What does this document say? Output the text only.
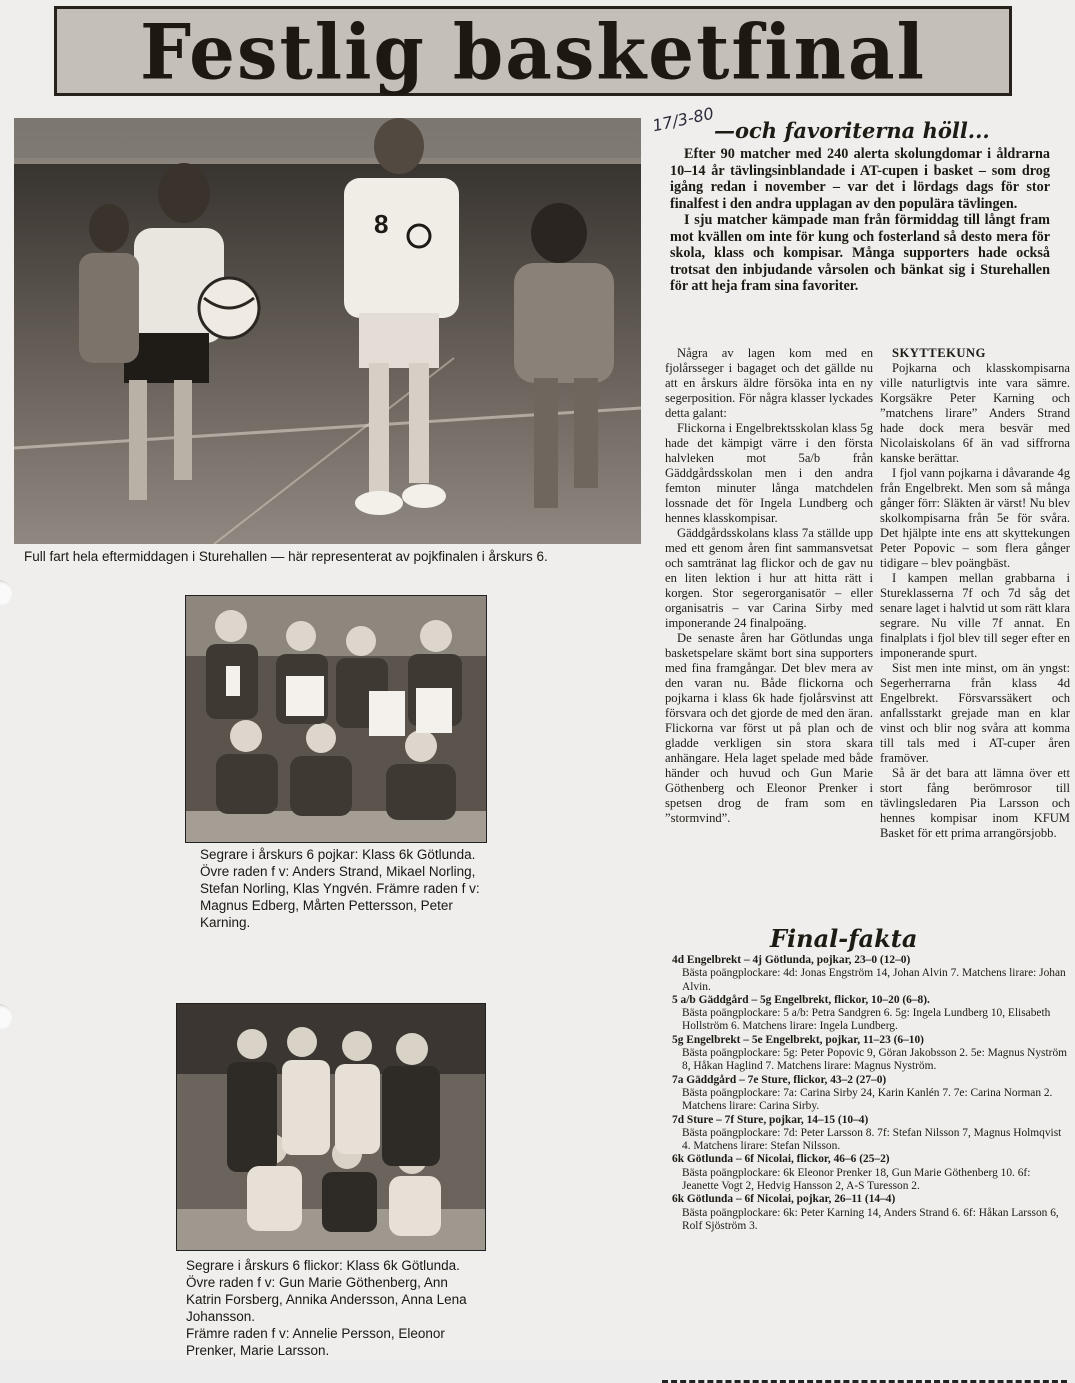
Festlig basketfinal
8
Full fart hela eftermiddagen i Sturehallen — här representerat av pojkfinalen i årskurs 6.

Segrare i årskurs 6 pojkar: Klass 6k Götlunda.

Övre raden f v: Anders Strand, Mikael Norling, Stefan Norling, Klas Yngvén. Främre raden f v: Magnus Edberg, Mårten Pettersson, Peter Karning.

Segrare i årskurs 6 flickor: Klass 6k Götlunda.

Övre raden f v: Gun Marie Göthenberg, Ann Katrin Forsberg, Annika Andersson, Anna Lena Johansson.

Främre raden f v: Annelie Persson, Eleonor Prenker, Marie Larsson.

17/3-80
—och favoriterna höll...

Efter 90 matcher med 240 alerta skolungdomar i åldrarna 10–14 år tävlingsinblandade i AT-cupen i basket – som drog igång redan i november – var det i lördags dags för stor finalfest i den andra upplagan av den populära tävlingen.

I sju matcher kämpade man från förmiddag till långt fram mot kvällen om inte för kung och fosterland så desto mera för skola, klass och kompisar. Många supporters hade också trotsat den inbjudande vårsolen och bänkat sig i Sturehallen för att heja fram sina favoriter.

Några av lagen kom med en fjolårsseger i bagaget och det gällde nu att en årskurs äldre försöka inta en ny segerposition. För några klasser lyckades detta galant:

Flickorna i Engelbrektsskolan klass 5g hade det kämpigt värre i den första halvleken mot 5a/b från Gäddgårdsskolan men i den andra femton minuter långa matchdelen lossnade det för Ingela Lundberg och hennes klasskompisar.

Gäddgårdsskolans klass 7a ställde upp med ett genom åren fint sammansvetsat och samtränat lag flickor och de gav nu en liten lektion i hur att hitta rätt i korgen. Stor segerorganisatör – eller organisatris – var Carina Sirby med imponerande 24 finalpoäng.

De senaste åren har Götlundas unga basketspelare skämt bort sina supporters med fina framgångar. Det blev mera av den varan nu. Både flickorna och pojkarna i klass 6k hade fjolårsvinst att försvara och det gjorde de med den äran. Flickorna var först ut på plan och de gladde verkligen sin stora skara anhängare. Hela laget spelade med både händer och huvud och Gun Marie Göthenberg och Eleonor Prenker i spetsen drog de fram som en ”stormvind”.

SKYTTEKUNG

Pojkarna och klasskompisarna ville naturligtvis inte vara sämre. Korgsäkre Peter Karning och ”matchens lirare” Anders Strand hade dock mera besvär med Nicolaiskolans 6f än vad siffrorna kanske berättar.

I fjol vann pojkarna i dåvarande 4g från Engelbrekt. Men som så många gånger förr: Släkten är värst! Nu blev skolkompisarna från 5e för svåra. Det hjälpte inte ens att skyttekungen Peter Popovic – som flera gånger tidigare – blev poängbäst.

I kampen mellan grabbarna i Stureklasserna 7f och 7d såg det senare laget i halvtid ut som rätt klara segrare. Nu ville 7f annat. En finalplats i fjol blev till seger efter en imponerande spurt.

Sist men inte minst, om än yngst: Segerherrarna från klass 4d Engelbrekt. Försvarssäkert och anfallsstarkt grejade man en klar vinst och blir nog svåra att komma till tals med i AT-cuper åren framöver.

Så är det bara att lämna över ett stort fång berömrosor till tävlingsledaren Pia Larsson och hennes kompisar inom KFUM Basket för ett prima arrangörsjobb.

Final-fakta

4d Engelbrekt – 4j Götlunda, pojkar, 23–0 (12–0)

Bästa poängplockare: 4d: Jonas Engström 14, Johan Alvin 7. Matchens lirare: Johan Alvin.

5 a/b Gäddgård – 5g Engelbrekt, flickor, 10–20 (6–8).

Bästa poängplockare: 5 a/b: Petra Sandgren 6. 5g: Ingela Lundberg 10, Elisabeth Hollström 6. Matchens lirare: Ingela Lundberg.

5g Engelbrekt – 5e Engelbrekt, pojkar, 11–23 (6–10)

Bästa poängplockare: 5g: Peter Popovic 9, Göran Jakobsson 2. 5e: Magnus Nyström 8, Håkan Haglind 7. Matchens lirare: Magnus Nyström.

7a Gäddgård – 7e Sture, flickor, 43–2 (27–0)

Bästa poängplockare: 7a: Carina Sirby 24, Karin Kanlén 7. 7e: Carina Norman 2. Matchens lirare: Carina Sirby.

7d Sture – 7f Sture, pojkar, 14–15 (10–4)

Bästa poängplockare: 7d: Peter Larsson 8. 7f: Stefan Nilsson 7, Magnus Holmqvist 4. Matchens lirare: Stefan Nilsson.

6k Götlunda – 6f Nicolai, flickor, 46–6 (25–2)

Bästa poängplockare: 6k Eleonor Prenker 18, Gun Marie Göthenberg 10. 6f: Jeanette Vogt 2, Hedvig Hansson 2, A-S Turesson 2.

6k Götlunda – 6f Nicolai, pojkar, 26–11 (14–4)

Bästa poängplockare: 6k: Peter Karning 14, Anders Strand 6. 6f: Håkan Larsson 6, Rolf Sjöström 3.
